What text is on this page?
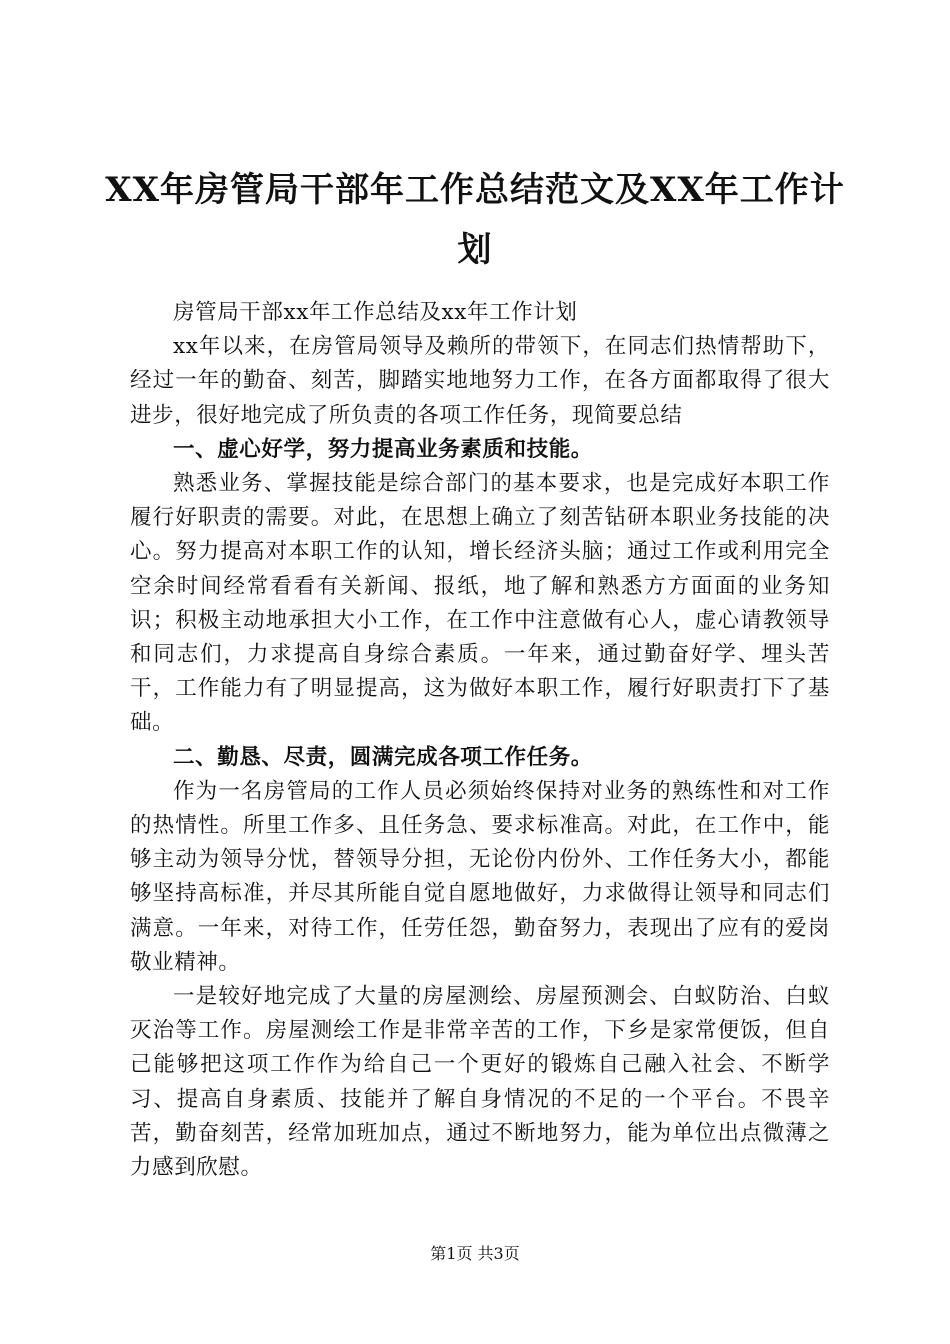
XX年房管局干部年工作总结范文及XX年工作计划

房管局干部xx年工作总结及xx年工作计划

xx年以来，在房管局领导及赖所的带领下，在同志们热情帮助下，经过一年的勤奋、刻苦，脚踏实地地努力工作，在各方面都取得了很大进步，很好地完成了所负责的各项工作任务，现简要总结

一、虚心好学，努力提高业务素质和技能。

熟悉业务、掌握技能是综合部门的基本要求，也是完成好本职工作履行好职责的需要。对此，在思想上确立了刻苦钻研本职业务技能的决心。努力提高对本职工作的认知，增长经济头脑；通过工作或利用完全空余时间经常看看有关新闻、报纸，地了解和熟悉方方面面的业务知识；积极主动地承担大小工作，在工作中注意做有心人，虚心请教领导和同志们，力求提高自身综合素质。一年来，通过勤奋好学、埋头苦干，工作能力有了明显提高，这为做好本职工作，履行好职责打下了基础。

二、勤恳、尽责，圆满完成各项工作任务。

作为一名房管局的工作人员必须始终保持对业务的熟练性和对工作的热情性。所里工作多、且任务急、要求标准高。对此，在工作中，能够主动为领导分忧，替领导分担，无论份内份外、工作任务大小，都能够坚持高标准，并尽其所能自觉自愿地做好，力求做得让领导和同志们满意。一年来，对待工作，任劳任怨，勤奋努力，表现出了应有的爱岗敬业精神。

一是较好地完成了大量的房屋测绘、房屋预测会、白蚁防治、白蚁灭治等工作。房屋测绘工作是非常辛苦的工作，下乡是家常便饭，但自己能够把这项工作作为给自己一个更好的锻炼自己融入社会、不断学习、提高自身素质、技能并了解自身情况的不足的一个平台。不畏辛苦，勤奋刻苦，经常加班加点，通过不断地努力，能为单位出点微薄之力感到欣慰。

第1页 共3页
